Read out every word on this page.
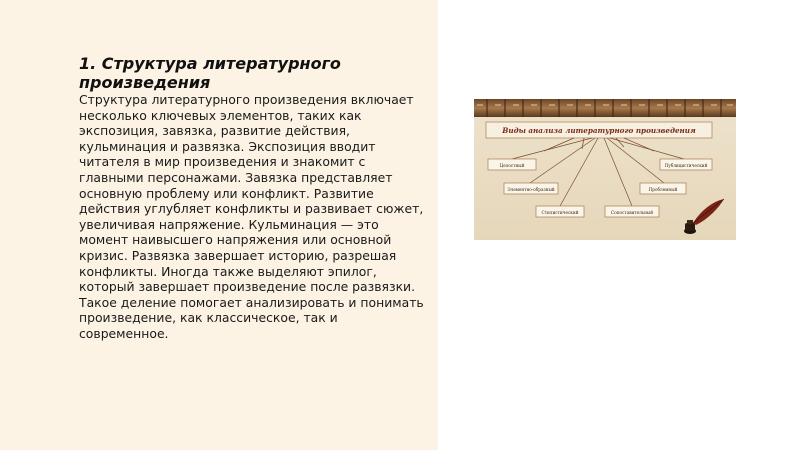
1. Структура литературного произведения

Структура литературного произведения включает несколько ключевых элементов, таких как экспозиция, завязка, развитие действия, кульминация и развязка. Экспозиция вводит читателя в мир произведения и знакомит с главными персонажами. Завязка представляет основную проблему или конфликт. Развитие действия углубляет конфликты и развивает сюжет, увеличивая напряжение. Кульминация — это момент наивысшего напряжения или основной кризис. Развязка завершает историю, разрешая конфликты. Иногда также выделяют эпилог, который завершает произведение после развязки. Такое деление помогает анализировать и понимать произведение, как классическое, так и современное.

Виды анализа литературного произведения
Целостный
Элементно-образный
Стилистический
Публицистический
Проблемный
Сопоставительный
